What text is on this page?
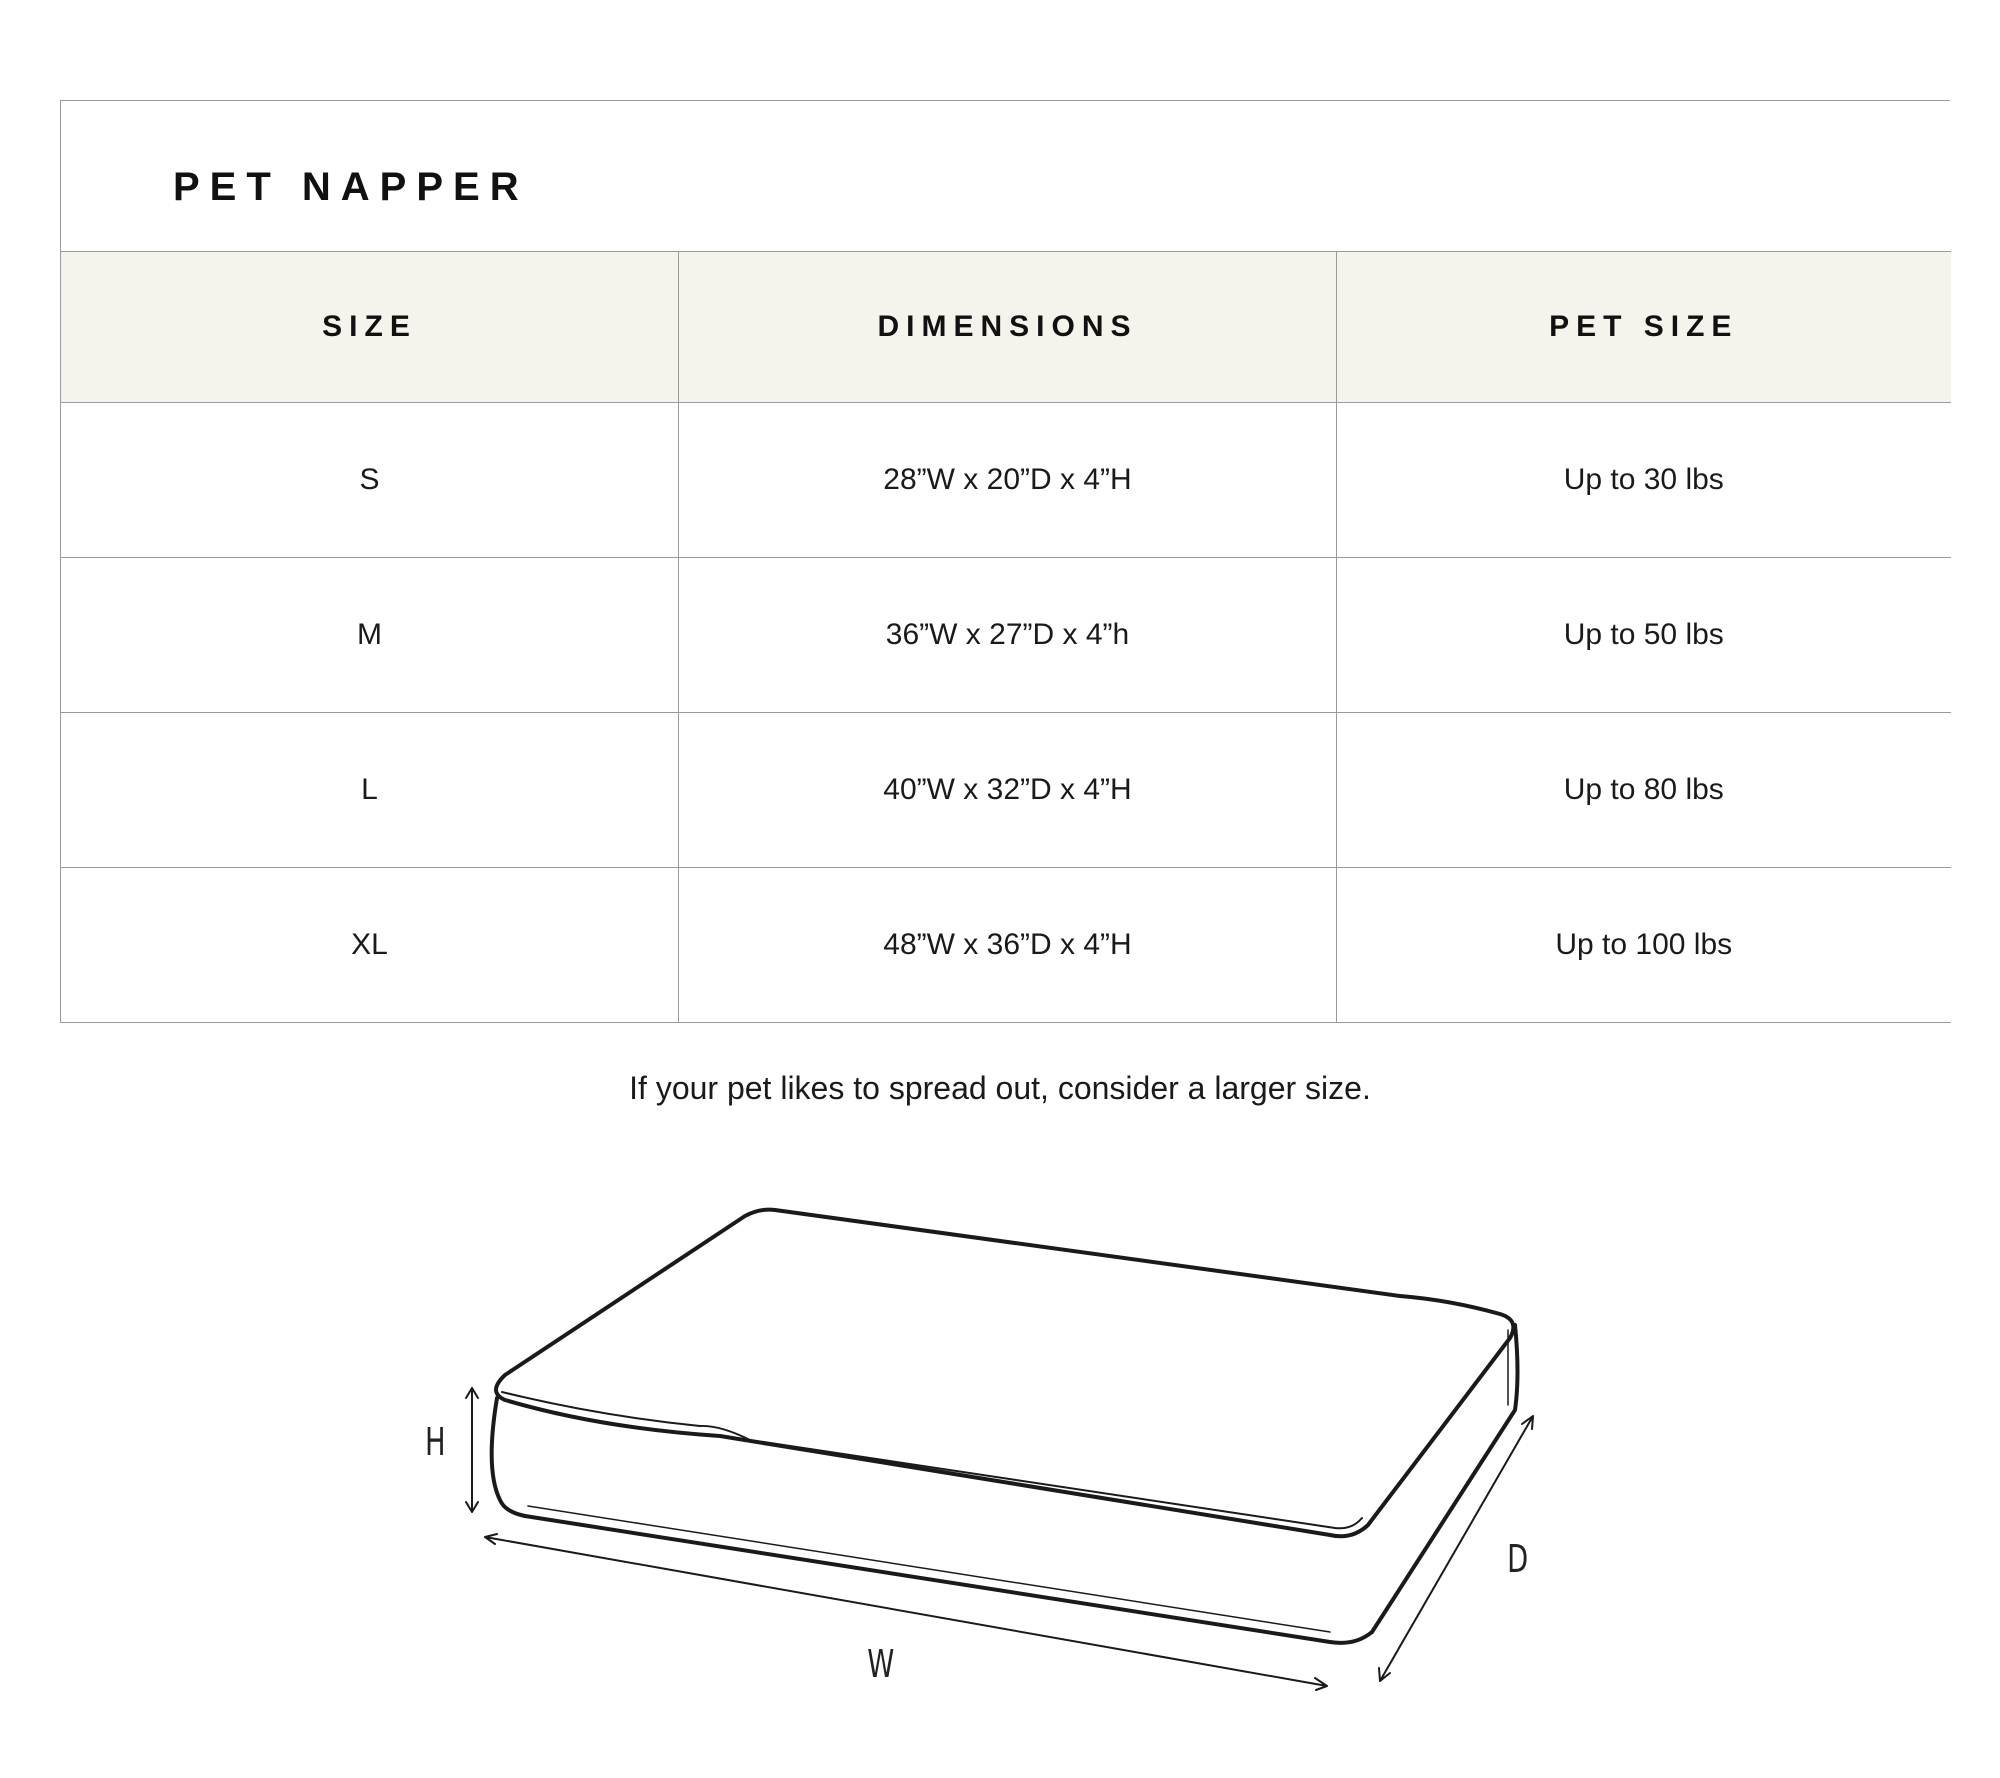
PET NAPPER
SIZE	DIMENSIONS	PET SIZE
S	28”W x 20”D x 4”H	Up to 30 lbs
M	36”W x 27”D x 4”h	Up to 50 lbs
L	40”W x 32”D x 4”H	Up to 80 lbs
XL	48”W x 36”D x 4”H	Up to 100 lbs
If your pet likes to spread out, consider a larger size.
H
W
D
